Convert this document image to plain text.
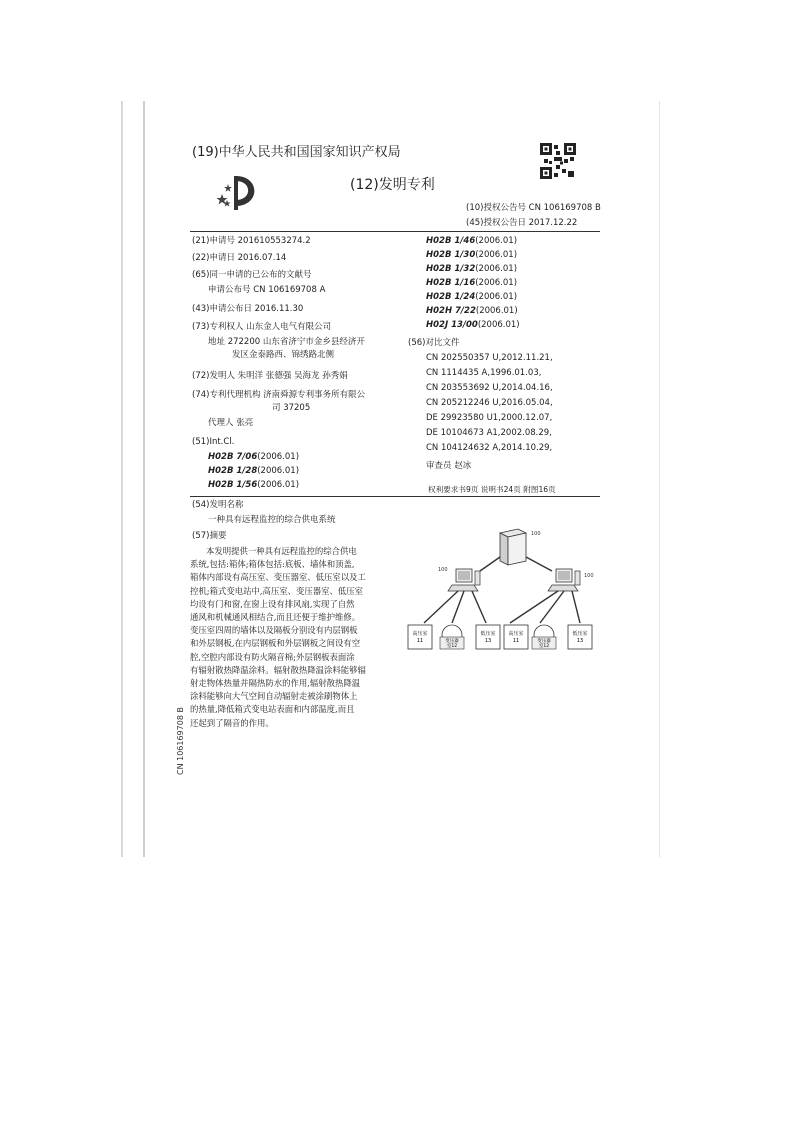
(19)中华人民共和国国家知识产权局
(12)发明专利
(10)授权公告号 CN 106169708 B
(45)授权公告日 2017.12.22
(21)申请号 201610553274.2
(22)申请日 2016.07.14
(65)同一申请的已公布的文献号
申请公布号 CN 106169708 A
(43)申请公布日 2016.11.30
(73)专利权人 山东金人电气有限公司
地址 272200 山东省济宁市金乡县经济开
发区金泰路西、锦绣路北侧
(72)发明人 朱明洋 张德强 吴海龙 孙秀娟
(74)专利代理机构 济南舜源专利事务所有限公
司 37205
代理人 张亮
(51)Int.Cl.
H02B 7/06(2006.01)
H02B 1/28(2006.01)
H02B 1/56(2006.01)
H02B 1/46(2006.01)
H02B 1/30(2006.01)
H02B 1/32(2006.01)
H02B 1/16(2006.01)
H02B 1/24(2006.01)
H02H 7/22(2006.01)
H02J 13/00(2006.01)
(56)对比文件
CN 202550357 U,2012.11.21,
CN 1114435 A,1996.01.03,
CN 203553692 U,2014.04.16,
CN 205212246 U,2016.05.04,
DE 29923580 U1,2000.12.07,
DE 10104673 A1,2002.08.29,
CN 104124632 A,2014.10.29,
审查员 赵冰
权利要求书9页 说明书24页 附图16页
(54)发明名称
一种具有远程监控的综合供电系统
(57)摘要

本发明提供一种具有远程监控的综合供电

系统,包括:箱体;箱体包括:底板、墙体和顶盖,

箱体内部设有高压室、变压器室、低压室以及工

控机;箱式变电站中,高压室、变压器室、低压室

均设有门和窗,在窗上设有排风扇,实现了自然

通风和机械通风相结合,而且还便于维护维修。

变压室四周的墙体以及隔板分别设有内层钢板

和外层钢板,在内层钢板和外层钢板之间设有空

腔,空腔内部设有防火隔音棉;外层钢板表面涂

有辐射散热降温涂料。辐射散热降温涂料能够辐

射走物体热量并隔热防水的作用,辐射散热降温

涂料能够向大气空间自动辐射走被涂刷物体上

的热量,降低箱式变电站表面和内部温度,而且

还起到了隔音的作用。

CN 106169708 B
100
100
100
高压室
11	变压器
室12
低压室
13
高压室
11	变压器
室12
低压室
13
